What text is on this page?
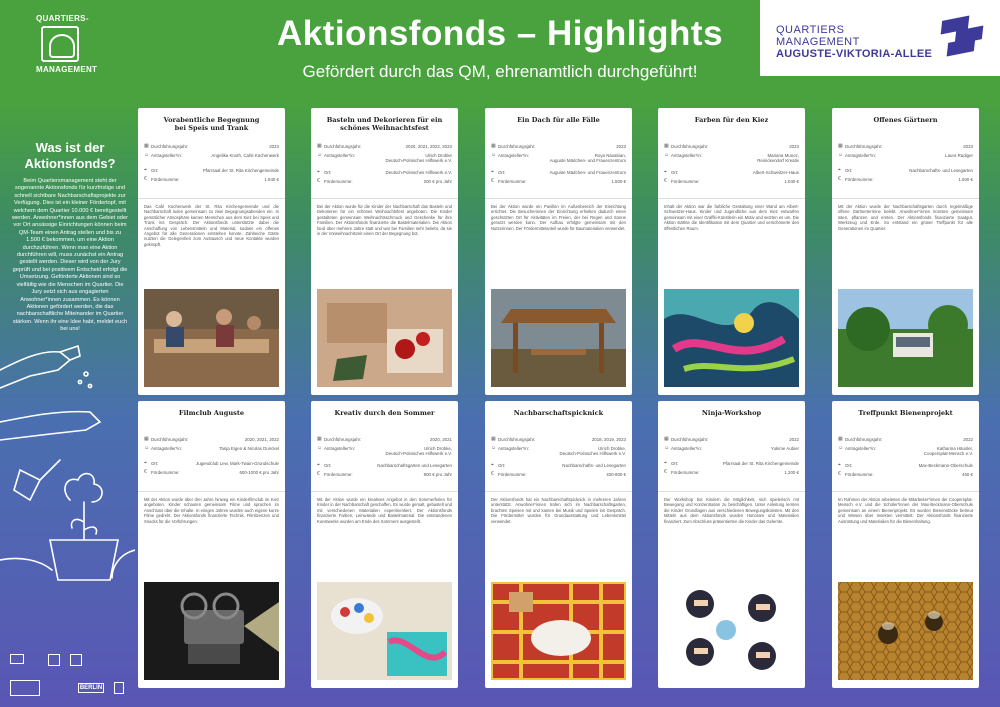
QUARTIERS-
MANAGEMENT
Aktionsfonds – Highlights
Gefördert durch das QM, ehrenamtlich durchgeführt!
QUARTIERS
MANAGEMENT
AUGUSTE-VIKTORIA-ALLEE
Was ist der Aktionsfonds?
Beim Quartiersmanagement steht der sogenannte Aktionsfonds für kurzfristige und schnell sichtbare Nachbarschaftsprojekte zur Verfügung. Dies ist ein kleiner Fördertopf, mit welchem dem Quartier 10.000 € bereitgestellt werden. Anwohner*innen aus dem Gebiet oder vor Ort ansässige Einrichtungen können beim QM-Team einen Antrag stellen und bis zu 1.500 € bekommen, um eine Aktion durchzuführen. Wenn man eine Aktion durchführen will, muss zunächst ein Antrag gestellt werden. Dieser wird von der Jury geprüft und bei positivem Entscheid erfolgt die Umsetzung. Geförderte Aktionen sind so vielfältig wie die Menschen im Quartier. Die Jury setzt sich aus engagierten Anwohner*innen zusammen. Es können Aktionen gefördert werden, die das nachbarschaftliche Miteinander im Quartier stärken. Wenn ihr eine Idee habt, meldet euch bei uns!
BERLIN
Vorabentliche Begegnung
bei Speis und Trank
▦ Durchführungsjahr:	2023
☺ Antragsteller*in:	Angelika Knoth, Cahit Küchenwerk
⌖ Ort:	Pfarrsaal der St. Rita Kirchengemeinde
€ Fördersumme:	1.940 €
Das Café Küchenwerk der St. Rita Kirchengemeinde und die Nachbarschaft luden gemeinsam zu zwei Begegnungsabenden ein. In gemütlicher Atmosphäre kamen Menschen aus dem Kiez bei Speis und Trank ins Gespräch. Der Aktionsfonds unterstützte dabei die Anschaffung von Lebensmitteln und Material, sodass ein offenes Angebot für alle Generationen entstehen konnte. Zahlreiche Gäste nutzten die Gelegenheit zum Austausch und neue Kontakte wurden geknüpft.
Basteln und Dekorieren für ein
schönes Weihnachtsfest
▦ Durchführungsjahr:	2020, 2021, 2022, 2023
☺ Antragsteller*in:	Ulrich Drobke
Deutsch-Polnisches Hilfswerk e.V.
⌖ Ort:	Deutsch-Polnisches Hilfswerk e.V.
€ Fördersumme:	200 € pro Jahr
Bei der Aktion wurde für die Kinder der Nachbarschaft das Basteln und Dekorieren für ein schönes Weihnachtsfest angeboten. Die Kinder gestalteten gemeinsam Weihnachtsschmuck und Geschenke für ihre Familien. Der Aktionsfonds finanzierte die Bastelmaterialien. Die Aktion fand über mehrere Jahre statt und war bei Familien sehr beliebt, da sie in der Vorweihnachtszeit einen Ort der Begegnung bot.
Ein Dach für alle Fälle
▦ Durchführungsjahr:	2023
☺ Antragsteller*in:	Roya Navabian,
Auguste Mädchen- und Frauenzentrum
⌖ Ort:	Auguste Mädchen- und Frauenzentrum
€ Fördersumme:	1.500 €
Bei der Aktion wurde ein Pavillon im Außenbereich der Einrichtung errichtet. Die Besucherinnen der Einrichtung erhielten dadurch einen geschützten Ort für Aktivitäten im Freien, der bei Regen und Sonne genutzt werden kann. Der Aufbau erfolgte gemeinsam mit den Nutzerinnen. Der Fördermittelanteil wurde für Baumaterialien verwendet.
Farben für den Kiez
▦ Durchführungsjahr:	2023
☺ Antragsteller*in:	Mariana Munoz,
Reinickendorf Kreativ
⌖ Ort:	Albert-Schweitzer-Haus
€ Fördersumme:	1.040 €
Inhalt der Aktion war die farbliche Gestaltung einer Wand am Albert-Schweitzer-Haus. Kinder und Jugendliche aus dem Kiez entwarfen gemeinsam mit einer Graffiti-Künstlerin ein Motiv und setzten es um. Die Aktion stärkte die Identifikation mit dem Quartier und verschönerte den öffentlichen Raum.
Offenes Gärtnern
▦ Durchführungsjahr:	2023
☺ Antragsteller*in:	Laura Rüdiger
⌖ Ort:	Nachbarschafts- und Lesegarten
€ Fördersumme:	1.500 €
Mit der Aktion wurde der Nachbarschaftsgarten durch regelmäßige offene Gärtnertermine belebt. Anwohner*innen konnten gemeinsam säen, pflanzen und ernten. Der Aktionsfonds finanzierte Saatgut, Werkzeug und Erde. So entstand ein grüner Treffpunkt für alle Generationen im Quartier.
Filmclub Auguste
▦ Durchführungsjahr:	2020, 2021, 2022
☺ Antragsteller*in:	Tanja Eigen & Nicolas Dunckel
⌖ Ort:	Jugendclub Lew, Mark-Twain-Grundschule
€ Fördersumme:	600-1000 € pro Jahr
Mit der Aktion wurde über drei Jahre hinweg ein Kinderfilmclub im Kiez angeboten. Kinder schauten gemeinsam Filme und sprachen im Anschluss über die Inhalte. In einigen Jahren wurden auch eigene kurze Filme gedreht. Der Aktionsfonds finanzierte Technik, Filmlizenzen und Snacks für die Vorführungen.
Kreativ durch den Sommer
▦ Durchführungsjahr:	2020, 2021
☺ Antragsteller*in:	Ulrich Drobke,
Deutsch-Polnisches Hilfswerk e.V.
⌖ Ort:	Nachbarschaftsgarten und Lesegarten
€ Fördersumme:	900 € pro Jahr
Mit der Aktion wurde ein kreatives Angebot in den Sommerferien für Kinder in der Nachbarschaft geschaffen. Es wurde gemalt, gebastelt und mit verschiedenen Materialien experimentiert. Der Aktionsfonds finanzierte Farben, Leinwände und Bastelmaterial. Die entstandenen Kunstwerke wurden am Ende des Sommers ausgestellt.
Nachbarschaftspicknick
▦ Durchführungsjahr:	2018, 2019, 2023
☺ Antragsteller*in:	Ulrich Drobke,
Deutsch-Polnisches Hilfswerk e.V.
⌖ Ort:	Nachbarschafts- und Lesegarten
€ Fördersumme:	400-800 €
Der Aktionsfonds hat ein Nachbarschaftspicknick in mehreren Jahren unterstützt. Anwohner*innen trafen sich im Nachbarschaftsgarten, brachten Speisen mit und kamen bei Musik und Spielen ins Gespräch. Die Fördermittel wurden für Grundausstattung und Lebensmittel verwendet.
Ninja-Workshop
▦ Durchführungsjahr:	2022
☺ Antragsteller*in:	Yukime Aubier
⌖ Ort:	Pfarrsaal der St. Rita Kirchengemeinde
€ Fördersumme:	1.200 €
Der Workshop bot Kindern die Möglichkeit, sich spielerisch mit Bewegung und Konzentration zu beschäftigen. Unter Anleitung lernten die Kinder Grundlagen aus verschiedenen Bewegungskünsten. Mit den Mitteln aus dem Aktionsfonds wurden Honorare und Materialien finanziert. Zum Abschluss präsentierten die Kinder das Gelernte.
Treffpunkt Bienenprojekt
▦ Durchführungsjahr:	2022
☺ Antragsteller*in:	Katharina Häusler,
Coopersplat-Mensch e.V.
⌖ Ort:	Max-Beckmann-Oberschule
€ Fördersumme:	450 €
Im Rahmen der Aktion arbeiteten die Mitarbeiter*innen der Coopersplat-Mensch e.V. und die Schüler*innen der Max-Beckmann-Oberschule gemeinsam an einem Bienenprojekt. Es wurden Bienenstöcke betreut und Wissen über Insekten vermittelt. Der Aktionsfonds finanzierte Ausrüstung und Materialien für die Bienenhaltung.
